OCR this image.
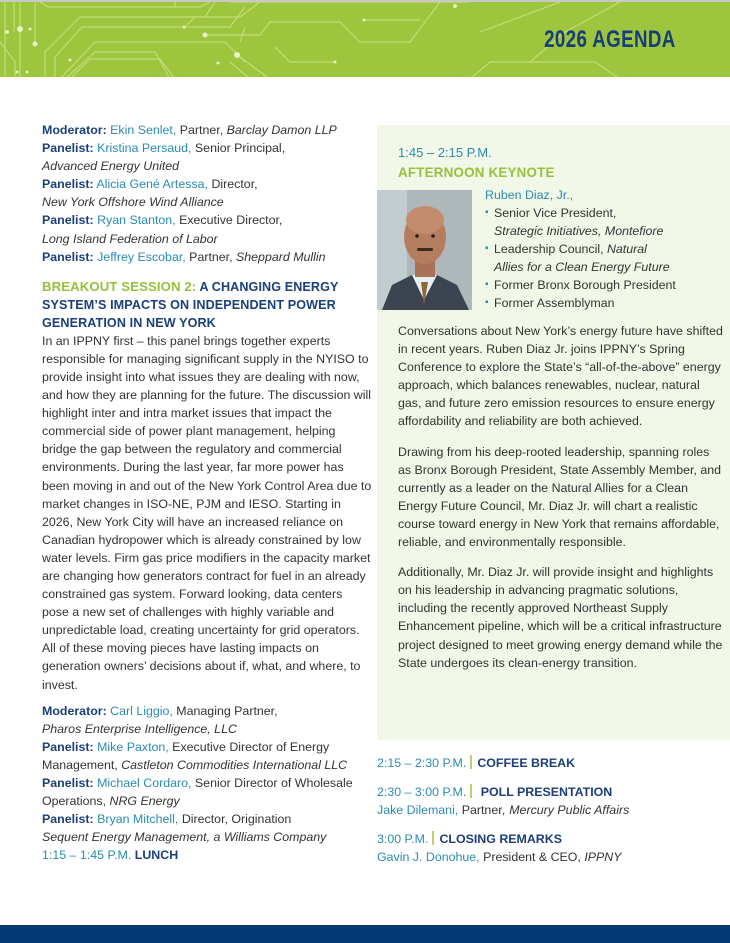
2026 AGENDA

Moderator: Ekin Senlet, Partner, Barclay Damon LLP

Panelist: Kristina Persaud, Senior Principal,
Advanced Energy United

Panelist: Alicia Gené Artessa, Director,
New York Offshore Wind Alliance

Panelist: Ryan Stanton, Executive Director,
Long Island Federation of Labor

Panelist: Jeffrey Escobar, Partner, Sheppard Mullin

BREAKOUT SESSION 2: A CHANGING ENERGY SYSTEM’S IMPACTS ON INDEPENDENT POWER GENERATION IN NEW YORK

In an IPPNY first – this panel brings together experts responsible for managing significant supply in the NYISO to provide insight into what issues they are dealing with now, and how they are planning for the future. The discussion will highlight inter and intra market issues that impact the commercial side of power plant management, helping bridge the gap between the regulatory and commercial environments. During the last year, far more power has been moving in and out of the New York Control Area due to market changes in ISO-NE, PJM and IESO. Starting in 2026, New York City will have an increased reliance on Canadian hydropower which is already constrained by low water levels. Firm gas price modifiers in the capacity market are changing how generators contract for fuel in an already constrained gas system. Forward looking, data centers pose a new set of challenges with highly variable and unpredictable load, creating uncertainty for grid operators. All of these moving pieces have lasting impacts on generation owners’ decisions about if, what, and where, to invest.

Moderator: Carl Liggio, Managing Partner,
Pharos Enterprise Intelligence, LLC

Panelist: Mike Paxton, Executive Director of Energy Management, Castleton Commodities International LLC

Panelist: Michael Cordaro, Senior Director of Wholesale Operations, NRG Energy

Panelist: Bryan Mitchell, Director, Origination
Sequent Energy Management, a Williams Company

1:15 – 1:45 P.M. LUNCH

1:45 – 2:15 P.M.
AFTERNOON KEYNOTE
Ruben Diaz, Jr.,
▪ Senior Vice President,
Strategic Initiatives, Montefiore
▪ Leadership Council, Natural
Allies for a Clean Energy Future
▪ Former Bronx Borough President
▪ Former Assemblyman

Conversations about New York’s energy future have shifted in recent years. Ruben Diaz Jr. joins IPPNY’s Spring Conference to explore the State’s “all-of-the-above” energy approach, which balances renewables, nuclear, natural gas, and future zero emission resources to ensure energy affordability and reliability are both achieved.

Drawing from his deep-rooted leadership, spanning roles as Bronx Borough President, State Assembly Member, and currently as a leader on the Natural Allies for a Clean Energy Future Council, Mr. Diaz Jr. will chart a realistic course toward energy in New York that remains affordable, reliable, and environmentally responsible.

Additionally, Mr. Diaz Jr. will provide insight and highlights on his leadership in advancing pragmatic solutions, including the recently approved Northeast Supply Enhancement pipeline, which will be a critical infrastructure project designed to meet growing energy demand while the State undergoes its clean-energy transition.

2:15 – 2:30 P.M. COFFEE BREAK
2:30 – 3:00 P.M. POLL PRESENTATION
Jake Dilemani, Partner, Mercury Public Affairs
3:00 P.M. CLOSING REMARKS
Gavin J. Donohue, President & CEO, IPPNY
